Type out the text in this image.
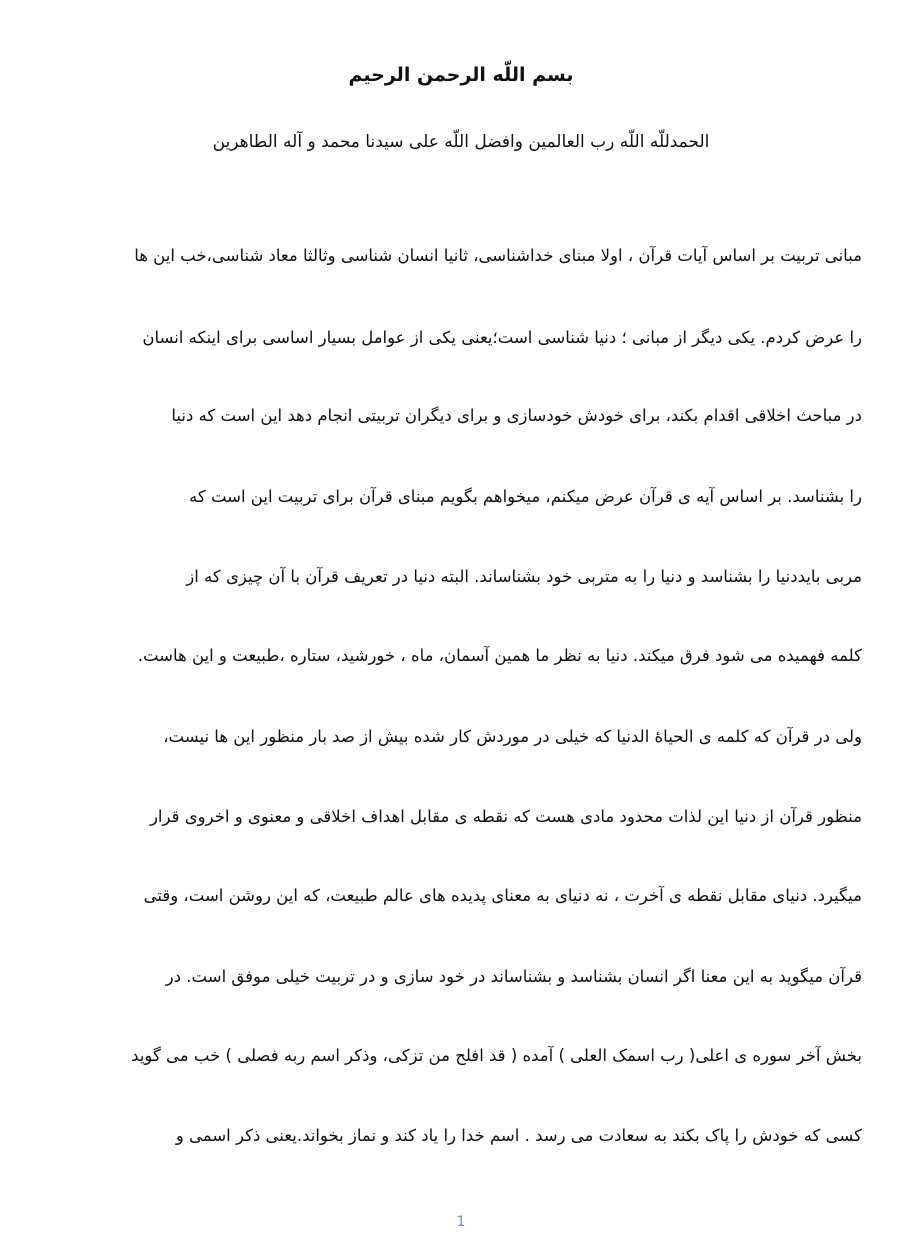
بسم اللّه الرحمن الرحیم
الحمدللّه اللّه رب العالمین وافضل اللّه علی سیدنا محمد و آله الطاهرین
مبانی تربیت بر اساس آیات قرآن ، اولا مبنای خداشناسی، ثانیا انسان شناسی وثالثا معاد شناسی،خب این ها
را عرض کردم. یکی دیگر از مبانی ؛ دنیا شناسی است؛یعنی یکی از عوامل بسیار اساسی برای اینکه انسان
در مباحث اخلاقی اقدام بکند، برای خودش خودسازی و برای دیگران تربیتی انجام دهد این است که دنیا
را بشناسد. بر اساس آیه ی قرآن عرض میکنم، میخواهم بگویم مبنای قرآن برای تربیت این است که
مربی بایددنیا را بشناسد و دنیا را به متربی خود بشناساند. البته دنیا در تعریف قرآن با آن چیزی که از
کلمه فهمیده می شود فرق میکند. دنیا به نظر ما همین آسمان، ماه ، خورشید، ستاره ،طبیعت و این هاست.
ولی در قرآن که کلمه ی الحیاۀ الدنیا که خیلی در موردش کار شده بیش از صد بار منظور این ها نیست،
منظور قرآن از دنیا این لذات محدود مادی هست که نقطه ی مقابل اهداف اخلاقی و معنوی و اخروی قرار
میگیرد. دنیای مقابل نقطه ی آخرت ، نه دنیای به معنای پدیده های عالم طبیعت، که این روشن است، وقتی
قرآن میگوید به این معنا اگر انسان بشناسد و بشناساند در خود سازی و در تربیت خیلی موفق است. در
بخش آخر سوره ی اعلی( رب اسمک العلی ) آمده ( قد افلح من تزکی، وذکر اسم ربه فصلی ) خب می گوید
کسی که خودش را پاک بکند به سعادت می رسد . اسم خدا را یاد کند و نماز بخواند.یعنی ذکر اسمی و
1
